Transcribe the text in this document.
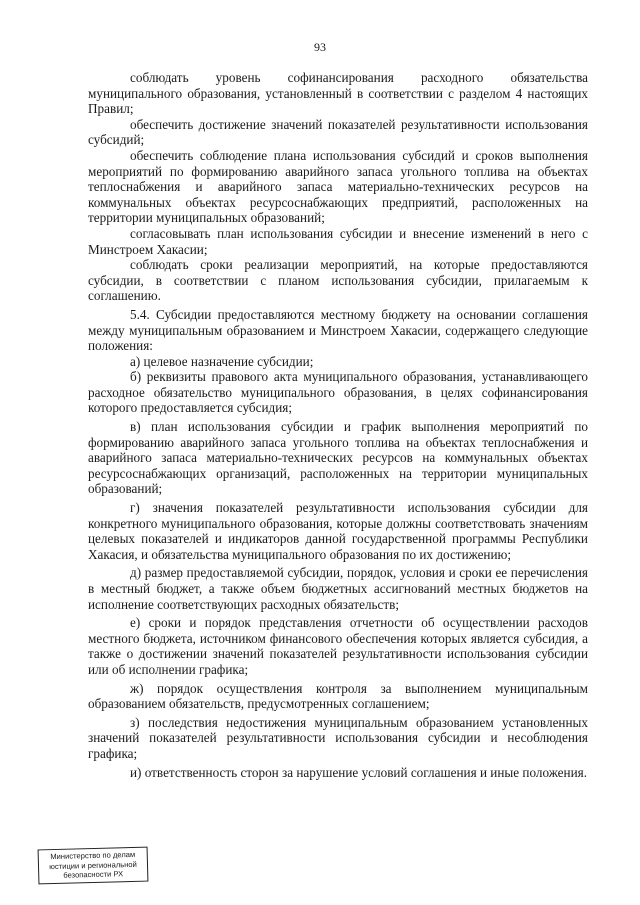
93

соблюдать уровень софинансирования расходного обязательства муниципального образования, установленный в соответствии с разделом 4 настоящих Правил;

обеспечить достижение значений показателей результативности использования субсидий;

обеспечить соблюдение плана использования субсидий и сроков выполнения мероприятий по формированию аварийного запаса угольного топлива на объектах теплоснабжения и аварийного запаса материально-технических ресурсов на коммунальных объектах ресурсоснабжающих предприятий, расположенных на территории муниципальных образований;

согласовывать план использования субсидии и внесение изменений в него с Минстроем Хакасии;

соблюдать сроки реализации мероприятий, на которые предоставляются субсидии, в соответствии с планом использования субсидии, прилагаемым к соглашению.

5.4. Субсидии предоставляются местному бюджету на основании соглашения между муниципальным образованием и Минстроем Хакасии, содержащего следующие положения:

а) целевое назначение субсидии;

б) реквизиты правового акта муниципального образования, устанавливающего расходное обязательство муниципального образования, в целях софинансирования которого предоставляется субсидия;

в) план использования субсидии и график выполнения мероприятий по формированию аварийного запаса угольного топлива на объектах теплоснабжения и аварийного запаса материально-технических ресурсов на коммунальных объектах ресурсоснабжающих организаций, расположенных на территории муниципальных образований;

г) значения показателей результативности использования субсидии для конкретного муниципального образования, которые должны соответствовать значениям целевых показателей и индикаторов данной государственной программы Республики Хакасия, и обязательства муниципального образования по их достижению;

д) размер предоставляемой субсидии, порядок, условия и сроки ее перечисления в местный бюджет, а также объем бюджетных ассигнований местных бюджетов на исполнение соответствующих расходных обязательств;

е) сроки и порядок представления отчетности об осуществлении расходов местного бюджета, источником финансового обеспечения которых является субсидия, а также о достижении значений показателей результативности использования субсидии или об исполнении графика;

ж) порядок осуществления контроля за выполнением муниципальным образованием обязательств, предусмотренных соглашением;

з) последствия недостижения муниципальным образованием установленных значений показателей результативности использования субсидии и несоблюдения графика;

и) ответственность сторон за нарушение условий соглашения и иные положения.

Министерство по делам
юстиции и региональной
безопасности РХ
